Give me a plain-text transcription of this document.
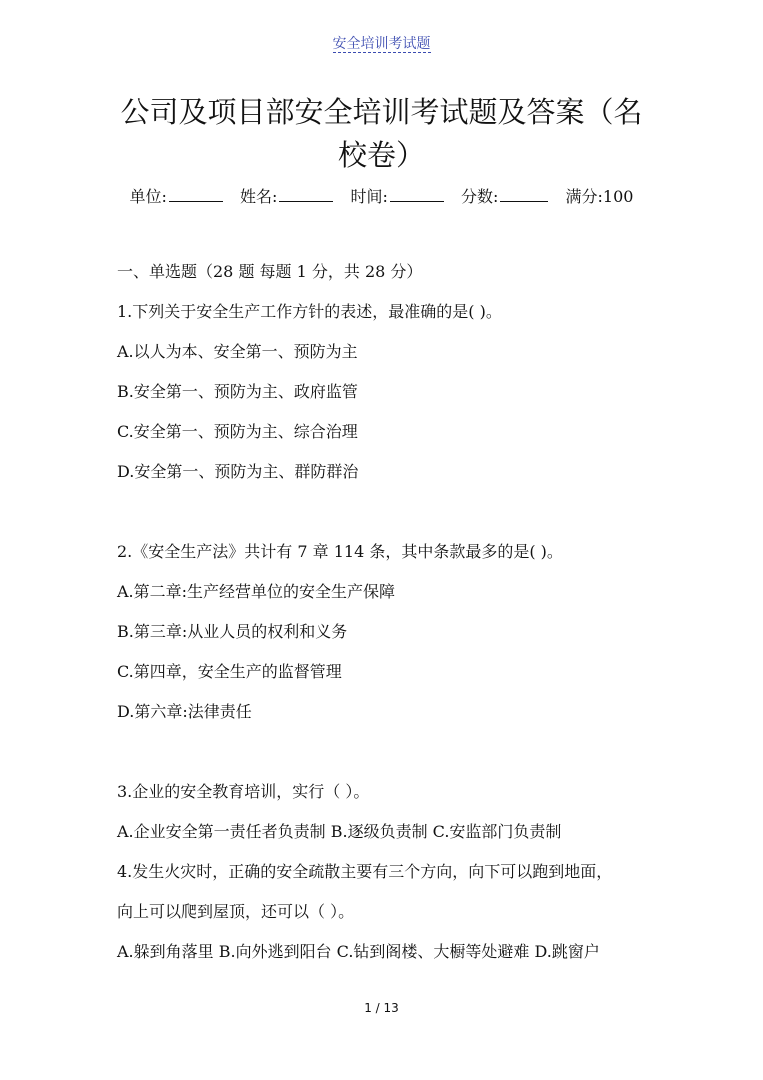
安全培训考试题
公司及项目部安全培训考试题及答案（名
校卷）
单位:	姓名:	时间:	分数:	满分:100
一、单选题（28 题 每题 1 分，共 28 分）
1.下列关于安全生产工作方针的表述，最准确的是( )。
A.以人为本、安全第一、预防为主
B.安全第一、预防为主、政府监管
C.安全第一、预防为主、综合治理
D.安全第一、预防为主、群防群治
2.《安全生产法》共计有 7 章 114 条，其中条款最多的是( )。
A.第二章:生产经营单位的安全生产保障
B.第三章:从业人员的权利和义务
C.第四章，安全生产的监督管理
D.第六章:法律责任
3.企业的安全教育培训，实行（ ）。
A.企业安全第一责任者负责制 B.逐级负责制 C.安监部门负责制
4.发生火灾时，正确的安全疏散主要有三个方向，向下可以跑到地面，
向上可以爬到屋顶，还可以（ ）。
A.躲到角落里 B.向外逃到阳台 C.钻到阁楼、大橱等处避难 D.跳窗户
1 / 13
